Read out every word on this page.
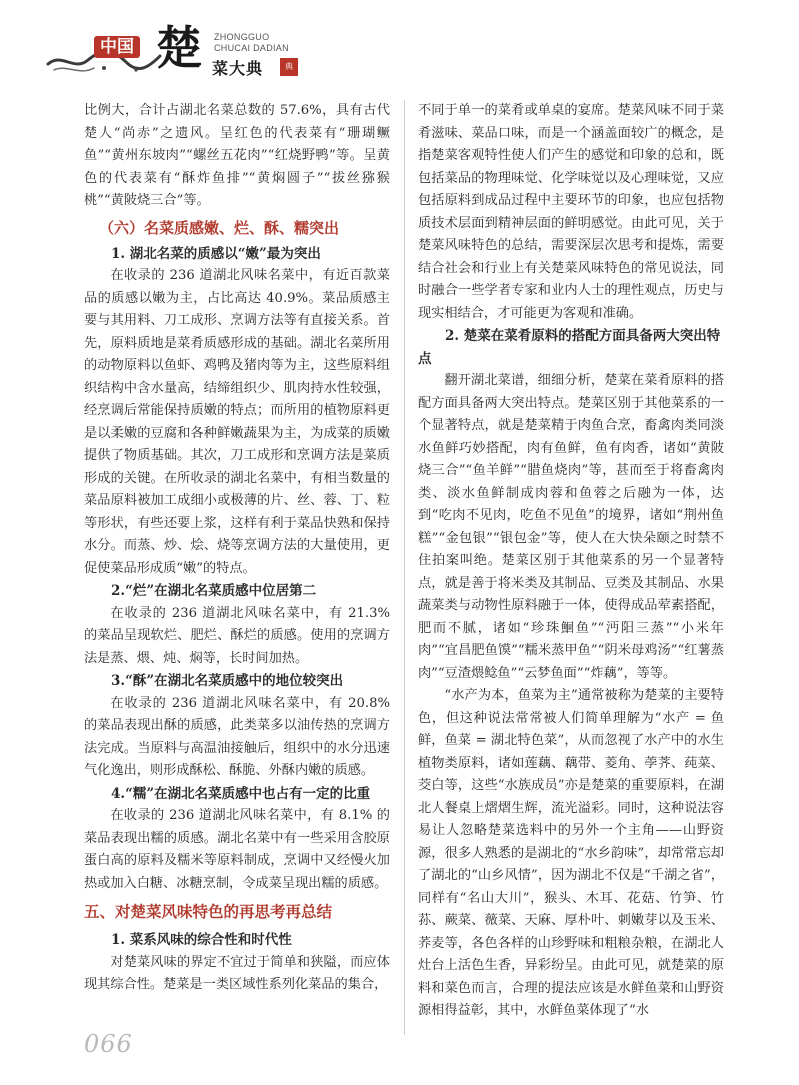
中国 楚 ZHONGGUO
CHUCAI DADIAN
菜大典	典

比例大，合计占湖北名菜总数的 57.6%，具有古代楚人“尚赤”之遗风。呈红色的代表菜有“珊瑚鳜鱼”“黄州东坡肉”“螺丝五花肉”“红烧野鸭”等。呈黄色的代表菜有“酥炸鱼排”“黄焖圆子”“拔丝猕猴桃”“黄陂烧三合”等。

（六）名菜质感嫩、烂、酥、糯突出
1. 湖北名菜的质感以“嫩”最为突出

在收录的 236 道湖北风味名菜中，有近百款菜品的质感以嫩为主，占比高达 40.9%。菜品质感主要与其用料、刀工成形、烹调方法等有直接关系。首先，原料质地是菜肴质感形成的基础。湖北名菜所用的动物原料以鱼虾、鸡鸭及猪肉等为主，这些原料组织结构中含水量高，结缔组织少、肌肉持水性较强，经烹调后常能保持质嫩的特点；而所用的植物原料更是以柔嫩的豆腐和各种鲜嫩蔬果为主，为成菜的质嫩提供了物质基础。其次，刀工成形和烹调方法是菜质形成的关键。在所收录的湖北名菜中，有相当数量的菜品原料被加工成细小或极薄的片、丝、蓉、丁、粒等形状，有些还要上浆，这样有利于菜品快熟和保持水分。而蒸、炒、烩、烧等烹调方法的大量使用，更促使菜品形成质“嫩”的特点。

2.“烂”在湖北名菜质感中位居第二

在收录的 236 道湖北风味名菜中，有 21.3% 的菜品呈现软烂、肥烂、酥烂的质感。使用的烹调方法是蒸、煨、炖、焖等，长时间加热。

3.“酥”在湖北名菜质感中的地位较突出

在收录的 236 道湖北风味名菜中，有 20.8% 的菜品表现出酥的质感，此类菜多以油传热的烹调方法完成。当原料与高温油接触后，组织中的水分迅速气化逸出，则形成酥松、酥脆、外酥内嫩的质感。

4.“糯”在湖北名菜质感中也占有一定的比重

在收录的 236 道湖北风味名菜中，有 8.1% 的菜品表现出糯的质感。湖北名菜中有一些采用含胶原蛋白高的原料及糯米等原料制成，烹调中又经慢火加热或加入白糖、冰糖烹制，令成菜呈现出糯的质感。

五、对楚菜风味特色的再思考再总结
1. 菜系风味的综合性和时代性

对楚菜风味的界定不宜过于简单和狭隘，而应体现其综合性。楚菜是一类区域性系列化菜品的集合，

不同于单一的菜肴或单桌的宴席。楚菜风味不同于菜肴滋味、菜品口味，而是一个涵盖面较广的概念，是指楚菜客观特性使人们产生的感觉和印象的总和，既包括菜品的物理味觉、化学味觉以及心理味觉，又应包括原料到成品过程中主要环节的印象，也应包括物质技术层面到精神层面的鲜明感觉。由此可见，关于楚菜风味特色的总结，需要深层次思考和提炼，需要结合社会和行业上有关楚菜风味特色的常见说法，同时融合一些学者专家和业内人士的理性观点，历史与现实相结合，才可能更为客观和准确。

2. 楚菜在菜肴原料的搭配方面具备两大突出特点

翻开湖北菜谱，细细分析，楚菜在菜肴原料的搭配方面具备两大突出特点。楚菜区别于其他菜系的一个显著特点，就是楚菜精于肉鱼合烹，畜禽肉类同淡水鱼鲜巧妙搭配，肉有鱼鲜，鱼有肉香，诸如“黄陂烧三合”“鱼羊鲜”“腊鱼烧肉”等，甚而至于将畜禽肉类、淡水鱼鲜制成肉蓉和鱼蓉之后融为一体，达到“吃肉不见肉，吃鱼不见鱼”的境界，诸如“荆州鱼糕”“金包银”“银包金”等，使人在大快朵颐之时禁不住拍案叫绝。楚菜区别于其他菜系的另一个显著特点，就是善于将米类及其制品、豆类及其制品、水果蔬菜类与动物性原料融于一体，使得成品荤素搭配，肥而不腻，诸如“珍珠鮰鱼”“沔阳三蒸”“小米年肉”“宜昌肥鱼馍”“糯米蒸甲鱼”“阴米母鸡汤”“红薯蒸肉”“豆渣煨鲶鱼”“云梦鱼面”“炸藕”，等等。

“水产为本，鱼菜为主”通常被称为楚菜的主要特色，但这种说法常常被人们简单理解为“水产 = 鱼鲜，鱼菜 = 湖北特色菜”，从而忽视了水产中的水生植物类原料，诸如莲藕、藕带、菱角、荸荠、莼菜、茭白等，这些“水族成员”亦是楚菜的重要原料，在湖北人餐桌上熠熠生辉，流光溢彩。同时，这种说法容易让人忽略楚菜选料中的另外一个主角——山野资源，很多人熟悉的是湖北的“水乡韵味”，却常常忘却了湖北的“山乡风情”，因为湖北不仅是“千湖之省”，同样有“名山大川”，猴头、木耳、花菇、竹笋、竹荪、蕨菜、薇菜、天麻、厚朴叶、刺嫩芽以及玉米、荞麦等，各色各样的山珍野味和粗粮杂粮，在湖北人灶台上活色生香，异彩纷呈。由此可见，就楚菜的原料和菜色而言，合理的提法应该是水鲜鱼菜和山野资源相得益彰，其中，水鲜鱼菜体现了“水

066
